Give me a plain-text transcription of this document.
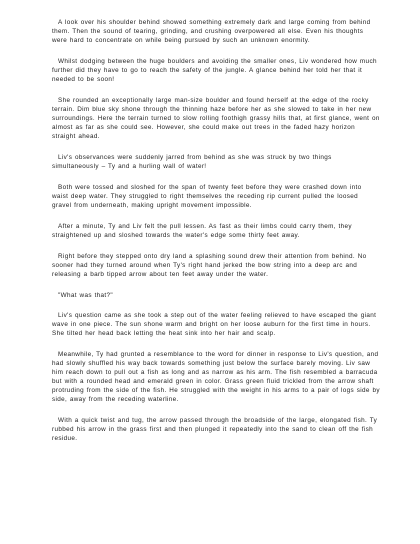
A look over his shoulder behind showed something extremely dark and large coming from behind them. Then the sound of tearing, grinding, and crushing overpowered all else. Even his thoughts were hard to concentrate on while being pursued by such an unknown enormity.

Whilst dodging between the huge boulders and avoiding the smaller ones, Liv wondered how much further did they have to go to reach the safety of the jungle. A glance behind her told her that it needed to be soon!

She rounded an exceptionally large man-size boulder and found herself at the edge of the rocky terrain. Dim blue sky shone through the thinning haze before her as she slowed to take in her new surroundings. Here the terrain turned to slow rolling foothigh grassy hills that, at first glance, went on almost as far as she could see. However, she could make out trees in the faded hazy horizon straight ahead.

Liv's observances were suddenly jarred from behind as she was struck by two things simultaneously – Ty and a hurling wall of water!

Both were tossed and sloshed for the span of twenty feet before they were crashed down into waist deep water. They struggled to right themselves the receding rip current pulled the loosed gravel from underneath, making upright movement impossible.

After a minute, Ty and Liv felt the pull lessen. As fast as their limbs could carry them, they straightened up and sloshed towards the water's edge some thirty feet away.

Right before they stepped onto dry land a splashing sound drew their attention from behind. No sooner had they turned around when Ty's right hand jerked the bow string into a deep arc and releasing a barb tipped arrow about ten feet away under the water.

"What was that?"

Liv's question came as she took a step out of the water feeling relieved to have escaped the giant wave in one piece. The sun shone warm and bright on her loose auburn for the first time in hours. She tilted her head back letting the heat sink into her hair and scalp.

Meanwhile, Ty had grunted a resemblance to the word for dinner in response to Liv's question, and had slowly shuffled his way back towards something just below the surface barely moving. Liv saw him reach down to pull out a fish as long and as narrow as his arm. The fish resembled a barracuda but with a rounded head and emerald green in color. Grass green fluid trickled from the arrow shaft protruding from the side of the fish. He struggled with the weight in his arms to a pair of logs side by side, away from the receding waterline.

With a quick twist and tug, the arrow passed through the broadside of the large, elongated fish. Ty rubbed his arrow in the grass first and then plunged it repeatedly into the sand to clean off the fish residue.
